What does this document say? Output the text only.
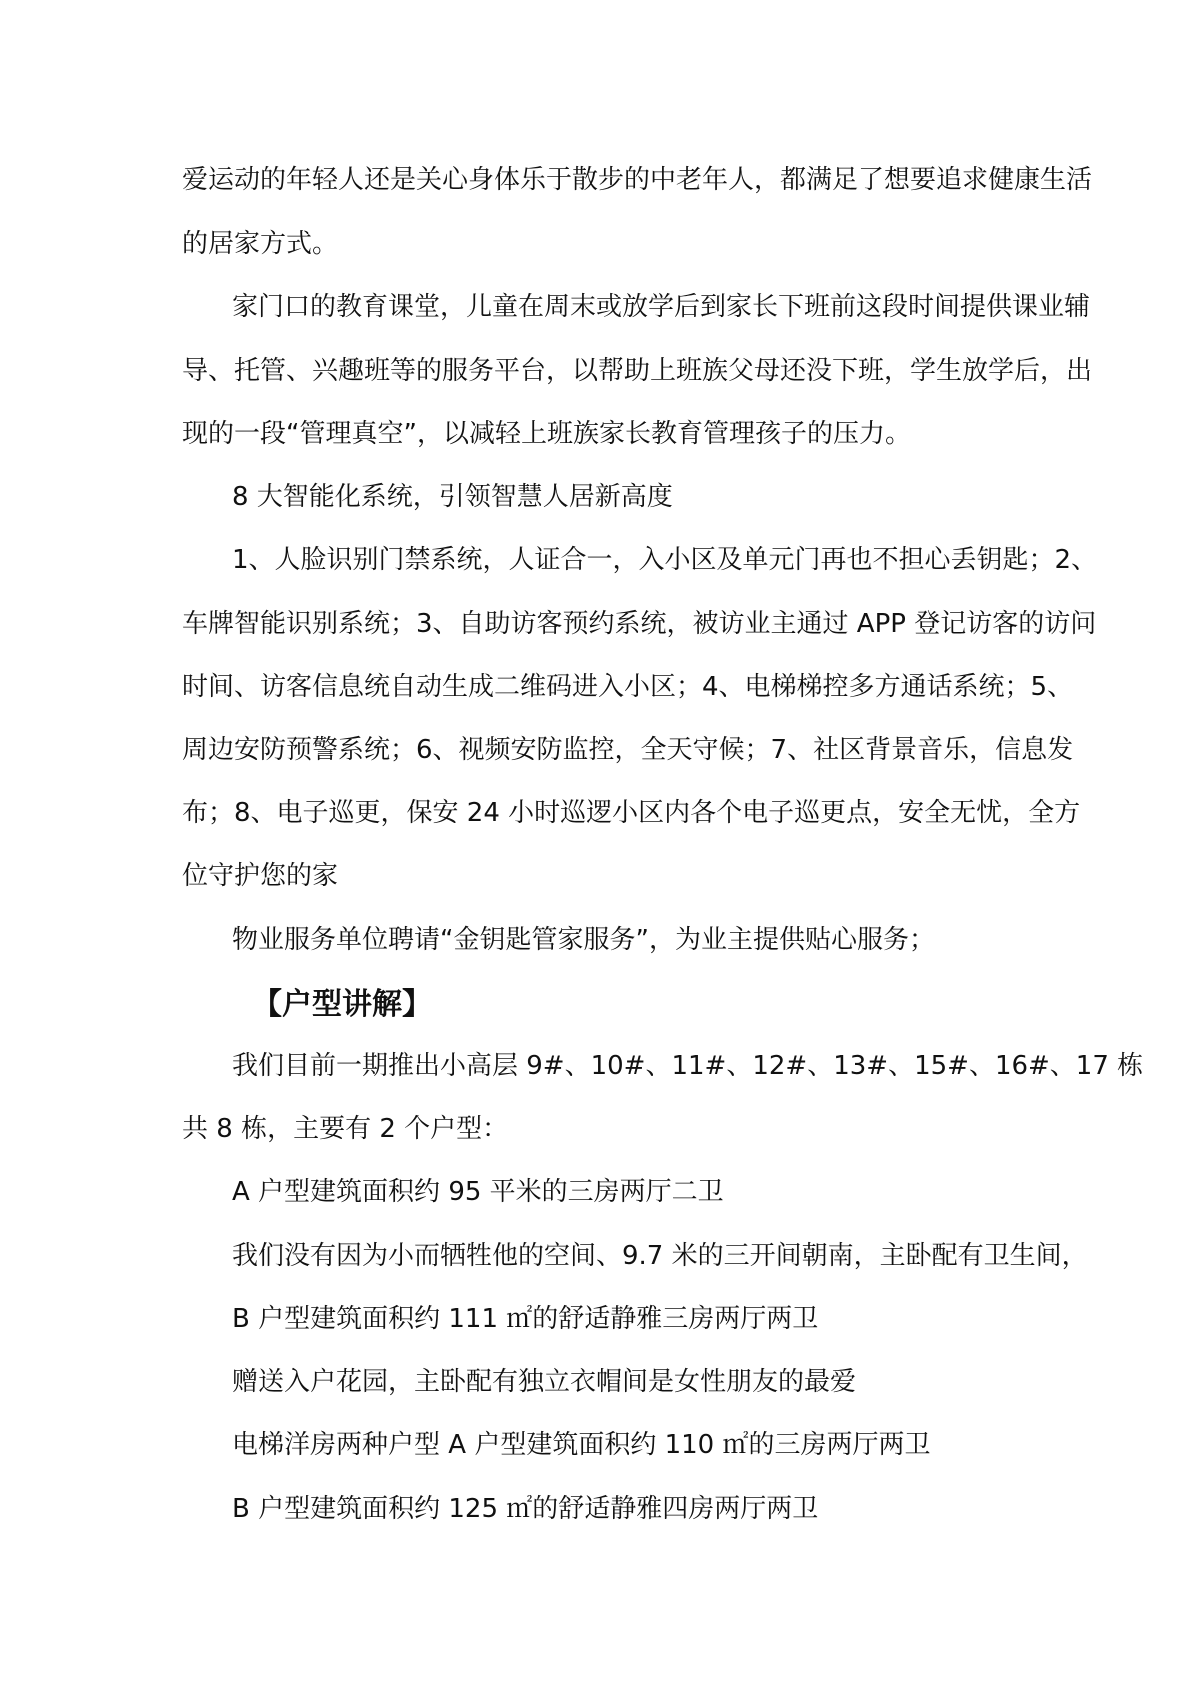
【户型讲解】
爱运动的年轻人还是关心身体乐于散步的中老年人，都满足了想要追求健康生活
的居家方式。
家门口的教育课堂，儿童在周末或放学后到家长下班前这段时间提供课业辅
导、托管、兴趣班等的服务平台，以帮助上班族父母还没下班，学生放学后，出
现的一段“管理真空”，以减轻上班族家长教育管理孩子的压力。
8 大智能化系统，引领智慧人居新高度
1、人脸识别门禁系统，人证合一，入小区及单元门再也不担心丢钥匙；2、
车牌智能识别系统；3、自助访客预约系统，被访业主通过 APP 登记访客的访问
时间、访客信息统自动生成二维码进入小区；4、电梯梯控多方通话系统；5、
周边安防预警系统；6、视频安防监控，全天守候；7、社区背景音乐，信息发
布；8、电子巡更，保安 24 小时巡逻小区内各个电子巡更点，安全无忧，全方
位守护您的家
物业服务单位聘请“金钥匙管家服务”，为业主提供贴心服务；
我们目前一期推出小高层 9#、10#、11#、12#、13#、15#、16#、17 栋
共 8 栋，主要有 2 个户型：
A 户型建筑面积约 95 平米的三房两厅二卫
我们没有因为小而牺牲他的空间、9.7 米的三开间朝南，主卧配有卫生间，
B 户型建筑面积约 111 ㎡的舒适静雅三房两厅两卫
赠送入户花园，主卧配有独立衣帽间是女性朋友的最爱
电梯洋房两种户型 A 户型建筑面积约 110 ㎡的三房两厅两卫
B 户型建筑面积约 125 ㎡的舒适静雅四房两厅两卫
